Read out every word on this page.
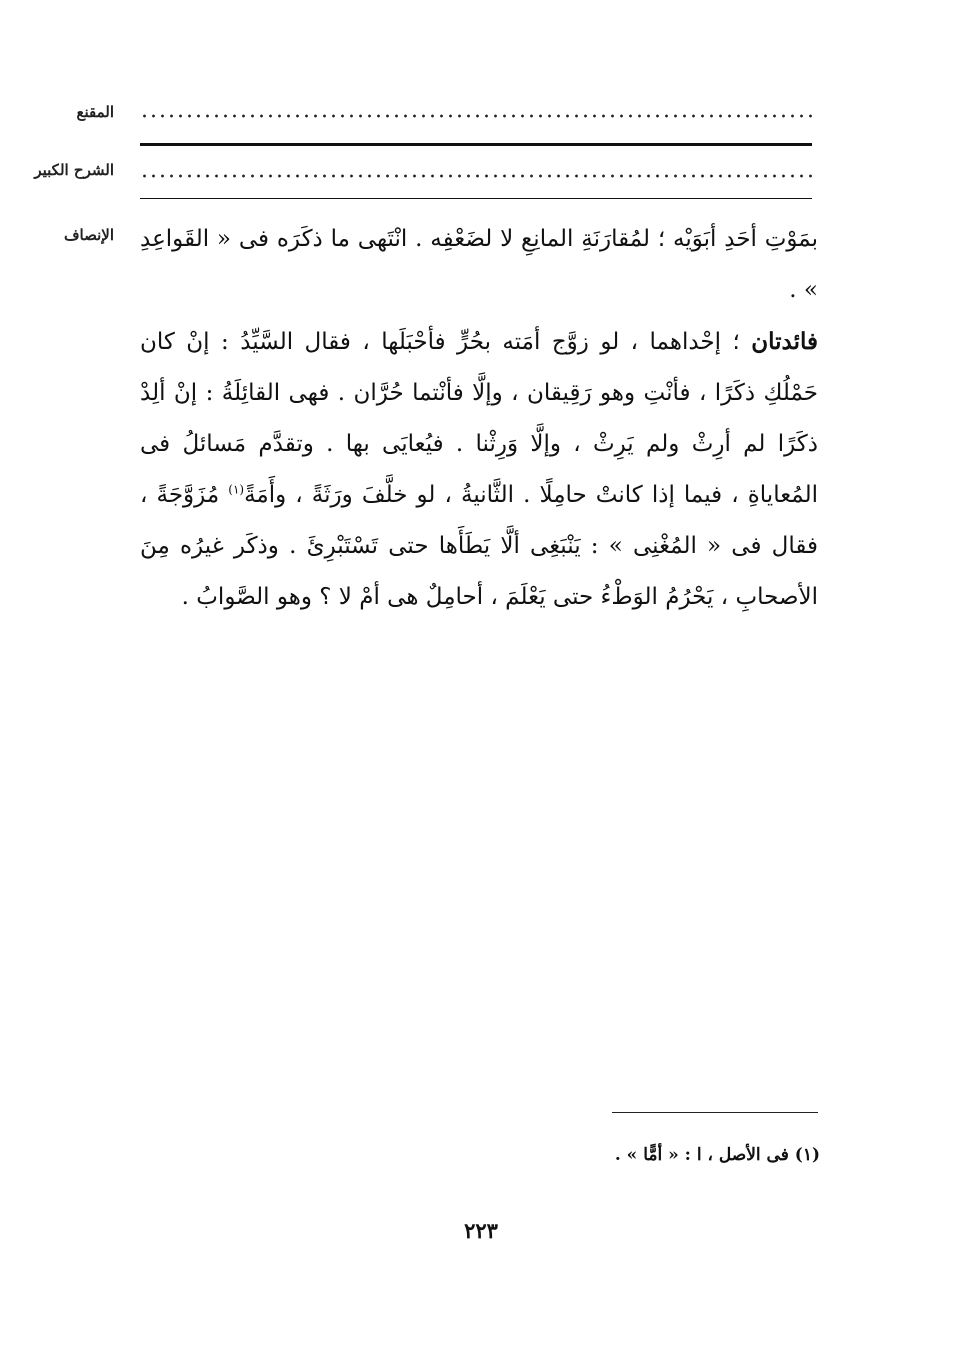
المقنع
الشرح الكبير
الإنصاف بمَوْتِ أحَدِ أبَوَيْه ؛ لمُقارَنَةِ المانِعِ لا لضَعْفِه . انْتَهى ما ذكَرَه فى « القَواعِدِ » .

فائدتان ؛ إحْداهما ، لو زوَّج أمَته بحُرٍّ فأحْبَلَها ، فقال السَّيِّدُ : إنْ كان حَمْلُكِ ذكَرًا ، فأنْتِ وهو رَقِيقان ، وإلَّا فأنْتما حُرَّان . فهى القائِلَةُ : إنْ ألِدْ ذكَرًا لم أرِثْ ولم يَرِثْ ، وإلَّا وَرِثْنا . فيُعايَى بها . وتقدَّم مَسائلُ فى المُعاياةِ ، فيما إذا كانتْ حامِلًا . الثَّانيةُ ، لو خلَّفَ ورَثَةً ، وأَمَةً$^{(١)}$ مُزَوَّجَةً ، فقال فى « المُغْنِى » : يَنْبَغِى ألَّا يَطَأَها حتى تَسْتَبْرِئَ . وذكَر غيرُه مِنَ الأصحابِ ، يَحْرُمُ الوَطْءُ حتى يَعْلَمَ ، أحامِلٌ هى أمْ لا ؟ وهو الصَّوابُ .

(١) فى الأصل ، ا : « أمًّا » .
٢٢٣
